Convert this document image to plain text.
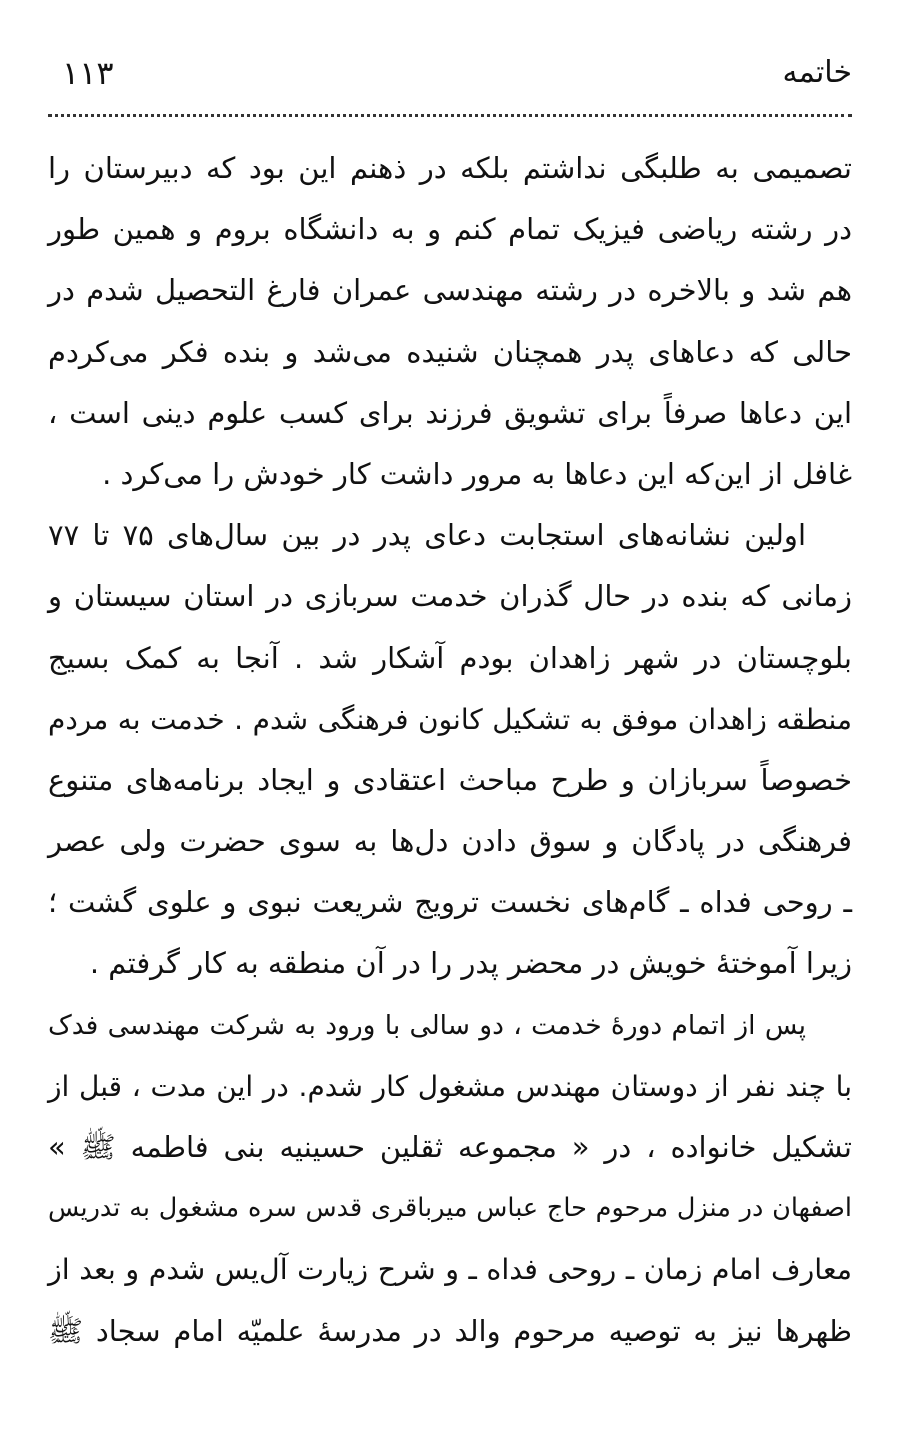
خاتمه
۱۱۳
تصمیمی به طلبگی نداشتم بلکه در ذهنم این بود که دبیرستان را
در رشته ریاضی فیزیک تمام کنم و به دانشگاه بروم و همین طور
هم شد و بالاخره در رشته مهندسی عمران فارغ التحصیل شدم در
حالی که دعاهای پدر همچنان شنیده می‌شد و بنده فکر می‌کردم
این دعاها صرفاً برای تشویق فرزند برای کسب علوم دینی است ،
غافل از این‌که این دعاها به مرور داشت کار خودش را می‌کرد .
اولین نشانه‌های استجابت دعای پدر در بین سال‌های ۷۵ تا ۷۷
زمانی که بنده در حال گذران خدمت سربازی در استان سیستان و
بلوچستان در شهر زاهدان بودم آشکار شد . آنجا به کمک بسیج
منطقه زاهدان موفق به تشکیل کانون فرهنگی شدم . خدمت به مردم
خصوصاً سربازان و طرح مباحث اعتقادی و ایجاد برنامه‌های متنوع
فرهنگی در پادگان و سوق دادن دل‌ها به سوی حضرت ولی عصر
ـ روحی فداه ـ گام‌های نخست ترویج شریعت نبوی و علوی گشت ؛
زیرا آموختهٔ خویش در محضر پدر را در آن منطقه به کار گرفتم .
پس از اتمام دورهٔ خدمت ، دو سالی با ورود به شرکت مهندسی فدک
با چند نفر از دوستان مهندس مشغول کار شدم. در این مدت ، قبل از
تشکیل خانواده ، در « مجموعه ثقلین حسینیه بنی فاطمه ﷺ »
اصفهان در منزل مرحوم حاج عباس میرباقری قدس سره مشغول به تدریس
معارف امام زمان ـ روحی فداه ـ و شرح زیارت آل‌یس شدم و بعد از
ظهرها نیز به توصیه مرحوم والد در مدرسهٔ علمیّه امام سجاد ﷺ
